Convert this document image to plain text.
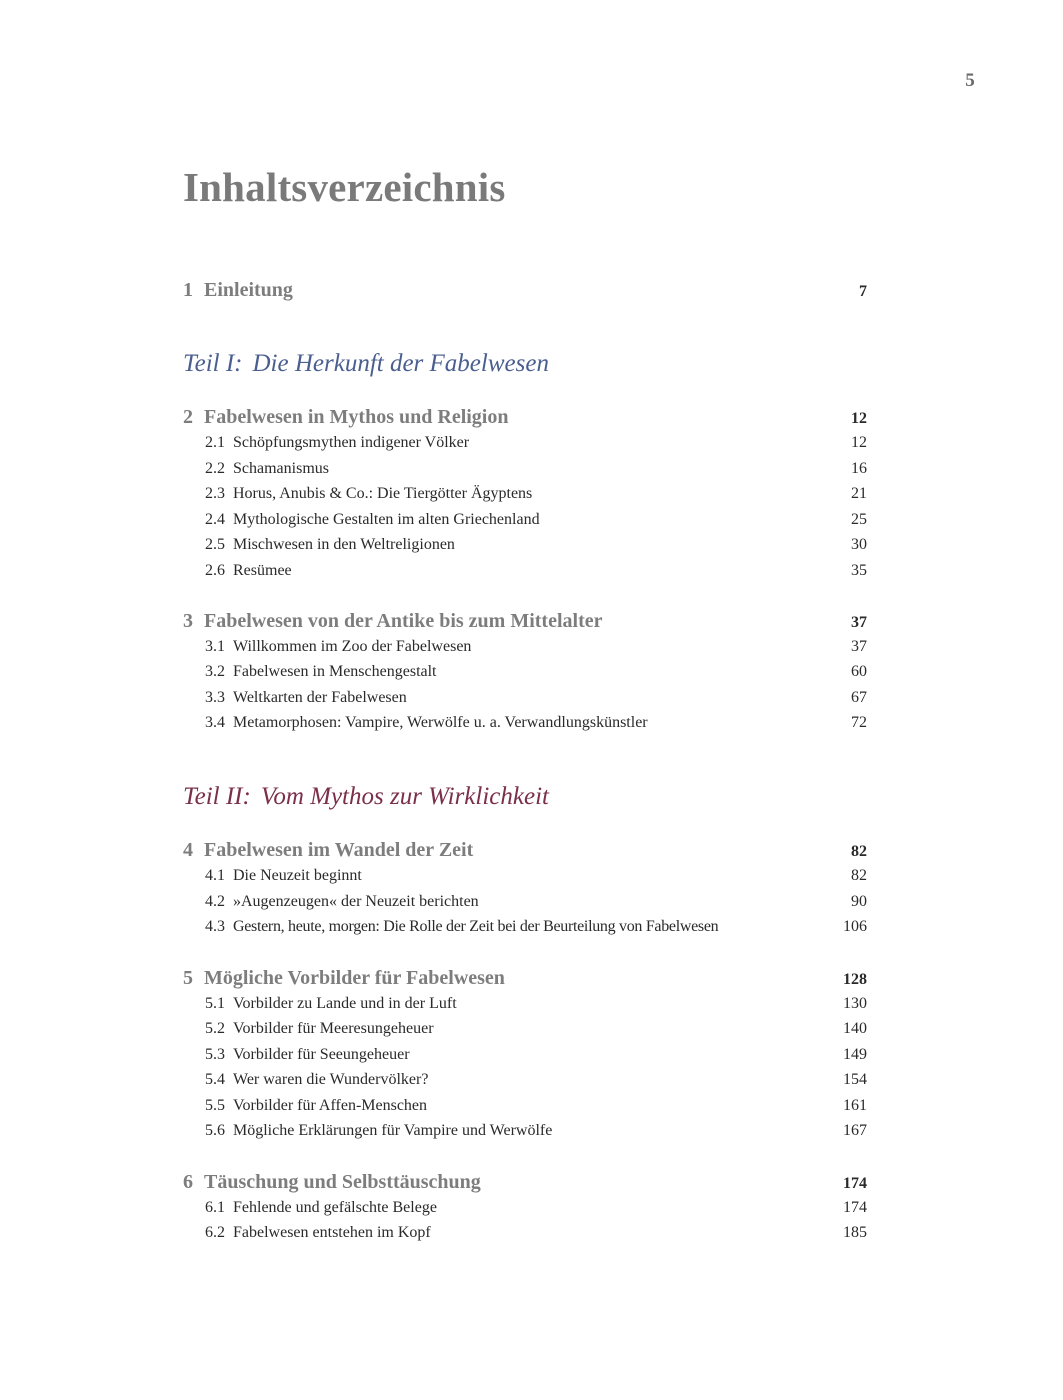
5
Inhaltsverzeichnis
1 Einleitung	7
Teil I: Die Herkunft der Fabelwesen
2 Fabelwesen in Mythos und Religion	12
2.1 Schöpfungsmythen indigener Völker	12
2.2 Schamanismus	16
2.3 Horus, Anubis & Co.: Die Tiergötter Ägyptens	21
2.4 Mythologische Gestalten im alten Griechenland	25
2.5 Mischwesen in den Weltreligionen	30
2.6 Resümee	35
3 Fabelwesen von der Antike bis zum Mittelalter	37
3.1 Willkommen im Zoo der Fabelwesen	37
3.2 Fabelwesen in Menschengestalt	60
3.3 Weltkarten der Fabelwesen	67
3.4 Metamorphosen: Vampire, Werwölfe u. a. Verwandlungskünstler	72
Teil II: Vom Mythos zur Wirklichkeit
4 Fabelwesen im Wandel der Zeit	82
4.1 Die Neuzeit beginnt	82
4.2 »Augenzeugen« der Neuzeit berichten	90
4.3 Gestern, heute, morgen: Die Rolle der Zeit bei der Beurteilung von Fabelwesen	106
5 Mögliche Vorbilder für Fabelwesen	128
5.1 Vorbilder zu Lande und in der Luft	130
5.2 Vorbilder für Meeresungeheuer	140
5.3 Vorbilder für Seeungeheuer	149
5.4 Wer waren die Wundervölker?	154
5.5 Vorbilder für Affen-Menschen	161
5.6 Mögliche Erklärungen für Vampire und Werwölfe	167
6 Täuschung und Selbsttäuschung	174
6.1 Fehlende und gefälschte Belege	174
6.2 Fabelwesen entstehen im Kopf	185
